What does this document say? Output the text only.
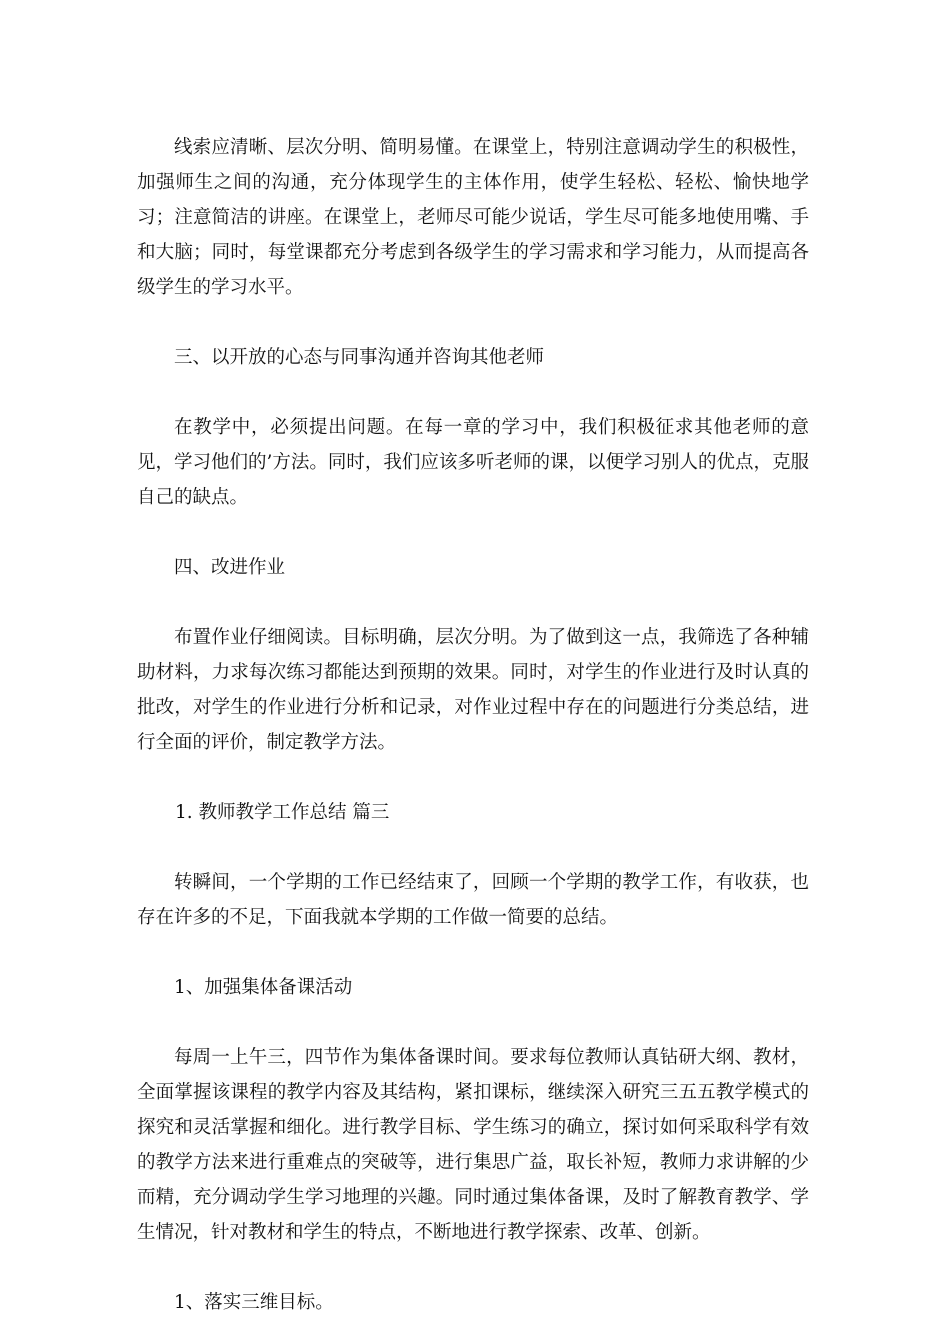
线索应清晰、层次分明、简明易懂。在课堂上，特别注意调动学生的积极性，加强师生之间的沟通，充分体现学生的主体作用，使学生轻松、轻松、愉快地学习；注意简洁的讲座。在课堂上，老师尽可能少说话，学生尽可能多地使用嘴、手和大脑；同时，每堂课都充分考虑到各级学生的学习需求和学习能力，从而提高各级学生的学习水平。

三、以开放的心态与同事沟通并咨询其他老师

在教学中，必须提出问题。在每一章的学习中，我们积极征求其他老师的意见，学习他们的’方法。同时，我们应该多听老师的课，以便学习别人的优点，克服自己的缺点。

四、改进作业

布置作业仔细阅读。目标明确，层次分明。为了做到这一点，我筛选了各种辅助材料，力求每次练习都能达到预期的效果。同时，对学生的作业进行及时认真的批改，对学生的作业进行分析和记录，对作业过程中存在的问题进行分类总结，进行全面的评价，制定教学方法。

1. 教师教学工作总结 篇三

转瞬间，一个学期的工作已经结束了，回顾一个学期的教学工作，有收获，也存在许多的不足，下面我就本学期的工作做一简要的总结。

1、加强集体备课活动

每周一上午三，四节作为集体备课时间。要求每位教师认真钻研大纲、教材，全面掌握该课程的教学内容及其结构，紧扣课标，继续深入研究三五五教学模式的探究和灵活掌握和细化。进行教学目标、学生练习的确立，探讨如何采取科学有效的教学方法来进行重难点的突破等，进行集思广益，取长补短，教师力求讲解的少而精，充分调动学生学习地理的兴趣。同时通过集体备课，及时了解教育教学、学生情况，针对教材和学生的特点，不断地进行教学探索、改革、创新。

1、落实三维目标。
